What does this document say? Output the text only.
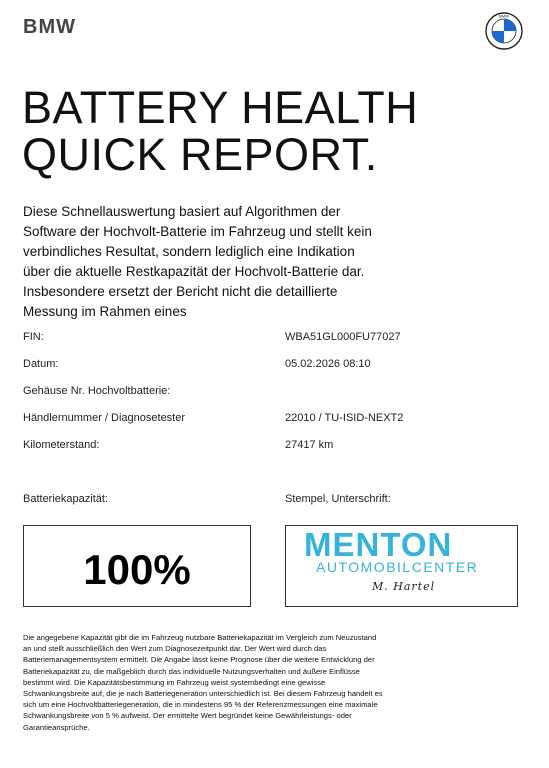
BMW	BMW
BATTERY HEALTH
QUICK REPORT.
Diese Schnellauswertung basiert auf Algorithmen der Software der Hochvolt-Batterie im Fahrzeug und stellt kein verbindliches Resultat, sondern lediglich eine Indikation über die aktuelle Restkapazität der Hochvolt-Batterie dar. Insbesondere ersetzt der Bericht nicht die detaillierte Messung im Rahmen eines
FIN:	WBA51GL000FU77027
Datum:	05.02.2026 08:10
Gehäuse Nr. Hochvoltbatterie:
Händlernummer / Diagnosetester	22010 / TU-ISID-NEXT2
Kilometerstand:	27417 km
Batteriekapazität:	Stempel, Unterschrift:
100%
MENTON
AUTOMOBILCENTER
M. Hartel
Die angegebene Kapazität gibt die im Fahrzeug nutzbare Batteriekapazität im Vergleich zum Neuzustand an und stellt ausschließlich den Wert zum Diagnosezeitpunkt dar. Der Wert wird durch das Batteriemanagementsystem ermittelt. Die Angabe lässt keine Prognose über die weitere Entwicklung der Batteriekapazität zu, die maßgeblich durch das individuelle Nutzungsverhalten und äußere Einflüsse bestimmt wird. Die Kapazitätsbestimmung im Fahrzeug weist systembedingt eine gewisse Schwankungsbreite auf, die je nach Batteriegeneration unterschiedlich ist. Bei diesem Fahrzeug handelt es sich um eine Hochvoltbatteriegeneration, die in mindestens 95 % der Referenzmessungen eine maximale Schwankungsbreite von 5 % aufweist. Der ermittelte Wert begründet keine Gewährleistungs- oder Garantieansprüche.
